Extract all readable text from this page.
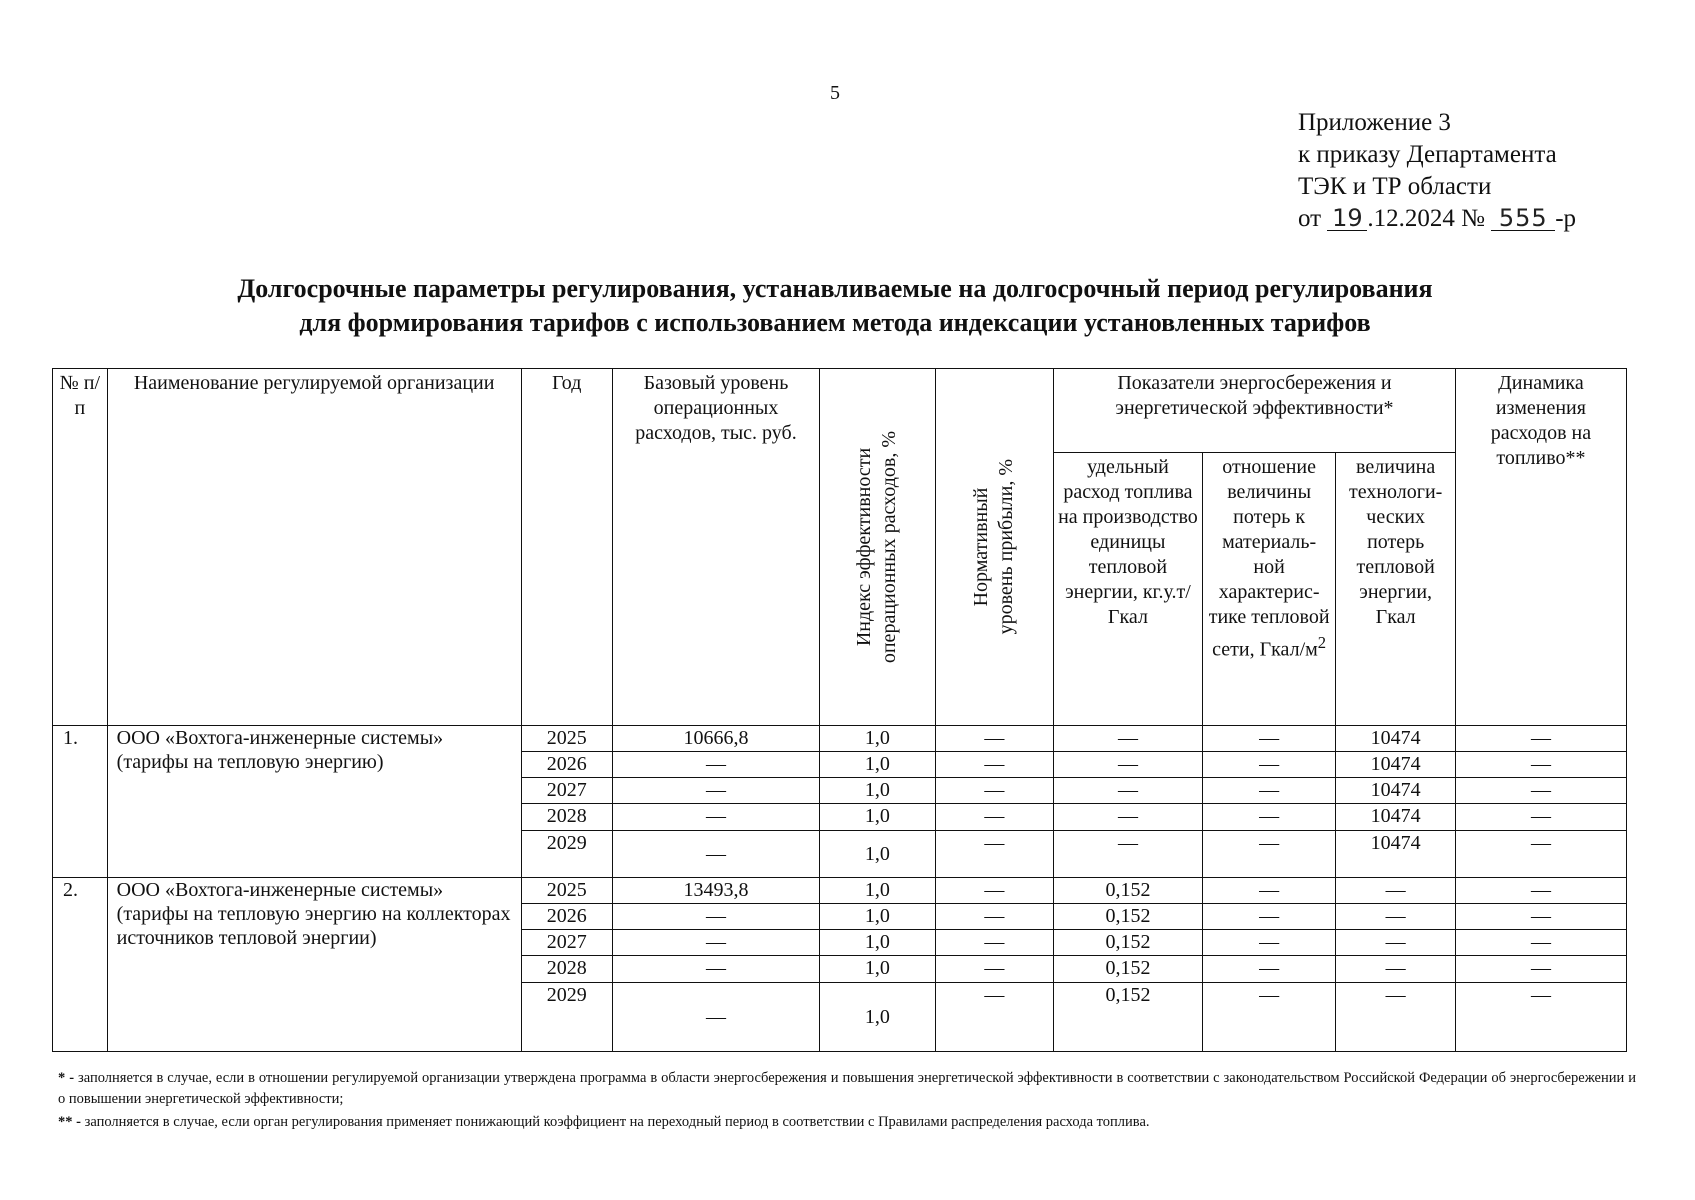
5
Приложение 3
к приказу Департамента
ТЭК и ТР области
от 19 .12.2024 № 555 -р
Долгосрочные параметры регулирования, устанавливаемые на долгосрочный период регулирования
для формирования тарифов с использованием метода индексации установленных тарифов
№ п/п	Наименование регулируемой организации	Год	Базовый уровень операционных расходов, тыс. руб.	Индекс эффективности операционных расходов, %	Нормативный уровень прибыли, %	Показатели энергосбережения и энергетической эффективности*			Динамика изменения расходов на топливо**
						удельный расход топлива на производство единицы тепловой энергии, кг.у.т/Гкал	отношение величины потерь к материаль-ной характерис-тике тепловой сети, Гкал/$м^2$	величина технологи-ческих потерь тепловой энергии, Гкал	
1.	ООО «Вохтога-инженерные системы» (тарифы на тепловую энергию)	2025	10666,8	1,0	—	—	—	10474	—
		2026	—	1,0	—	—	—	10474	—
		2027	—	1,0	—	—	—	10474	—
		2028	—	1,0	—	—	—	10474	—
		2029	—	1,0	—	—	—	10474	—
2.	ООО «Вохтога-инженерные системы» (тарифы на тепловую энергию на коллекторах источников тепловой энергии)	2025	13493,8	1,0	—	0,152	—	—	—
		2026	—	1,0	—	0,152	—	—	—
		2027	—	1,0	—	0,152	—	—	—
		2028	—	1,0	—	0,152	—	—	—
		2029	—	1,0	—	0,152	—	—	—
* - заполняется в случае, если в отношении регулируемой организации утверждена программа в области энергосбережения и повышения энергетической эффективности в соответствии с законодательством Российской Федерации об энергосбережении и о повышении энергетической эффективности;
** - заполняется в случае, если орган регулирования применяет понижающий коэффициент на переходный период в соответствии с Правилами распределения расхода топлива.
